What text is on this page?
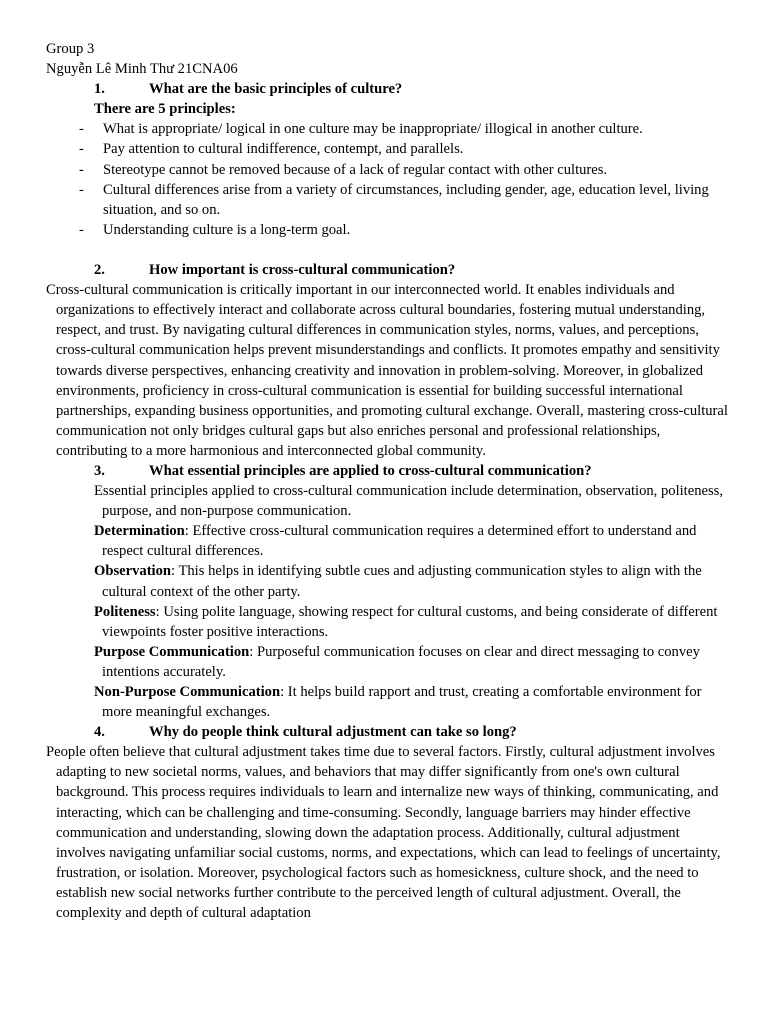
Group 3

Nguyễn Lê Minh Thư 21CNA06

1.	What are the basic principles of culture?

There are 5 principles:

- What is appropriate/ logical in one culture may be inappropriate/ illogical in another culture.
- Pay attention to cultural indifference, contempt, and parallels.
- Stereotype cannot be removed because of a lack of regular contact with other cultures.
- Cultural differences arise from a variety of circumstances, including gender, age, education level, living situation, and so on.
- Understanding culture is a long-term goal.

2.	How important is cross-cultural communication?

Cross-cultural communication is critically important in our interconnected world. It enables individuals and organizations to effectively interact and collaborate across cultural boundaries, fostering mutual understanding, respect, and trust. By navigating cultural differences in communication styles, norms, values, and perceptions, cross-cultural communication helps prevent misunderstandings and conflicts. It promotes empathy and sensitivity towards diverse perspectives, enhancing creativity and innovation in problem-solving. Moreover, in globalized environments, proficiency in cross-cultural communication is essential for building successful international partnerships, expanding business opportunities, and promoting cultural exchange. Overall, mastering cross-cultural communication not only bridges cultural gaps but also enriches personal and professional relationships, contributing to a more harmonious and interconnected global community.

3.	What essential principles are applied to cross-cultural communication?

Essential principles applied to cross-cultural communication include determination, observation, politeness, purpose, and non-purpose communication.

Determination: Effective cross-cultural communication requires a determined effort to understand and respect cultural differences.

Observation: This helps in identifying subtle cues and adjusting communication styles to align with the cultural context of the other party.

Politeness: Using polite language, showing respect for cultural customs, and being considerate of different viewpoints foster positive interactions.

Purpose Communication: Purposeful communication focuses on clear and direct messaging to convey intentions accurately.

Non-Purpose Communication: It helps build rapport and trust, creating a comfortable environment for more meaningful exchanges.

4.	Why do people think cultural adjustment can take so long?

People often believe that cultural adjustment takes time due to several factors. Firstly, cultural adjustment involves adapting to new societal norms, values, and behaviors that may differ significantly from one's own cultural background. This process requires individuals to learn and internalize new ways of thinking, communicating, and interacting, which can be challenging and time-consuming. Secondly, language barriers may hinder effective communication and understanding, slowing down the adaptation process. Additionally, cultural adjustment involves navigating unfamiliar social customs, norms, and expectations, which can lead to feelings of uncertainty, frustration, or isolation. Moreover, psychological factors such as homesickness, culture shock, and the need to establish new social networks further contribute to the perceived length of cultural adjustment. Overall, the complexity and depth of cultural adaptation
